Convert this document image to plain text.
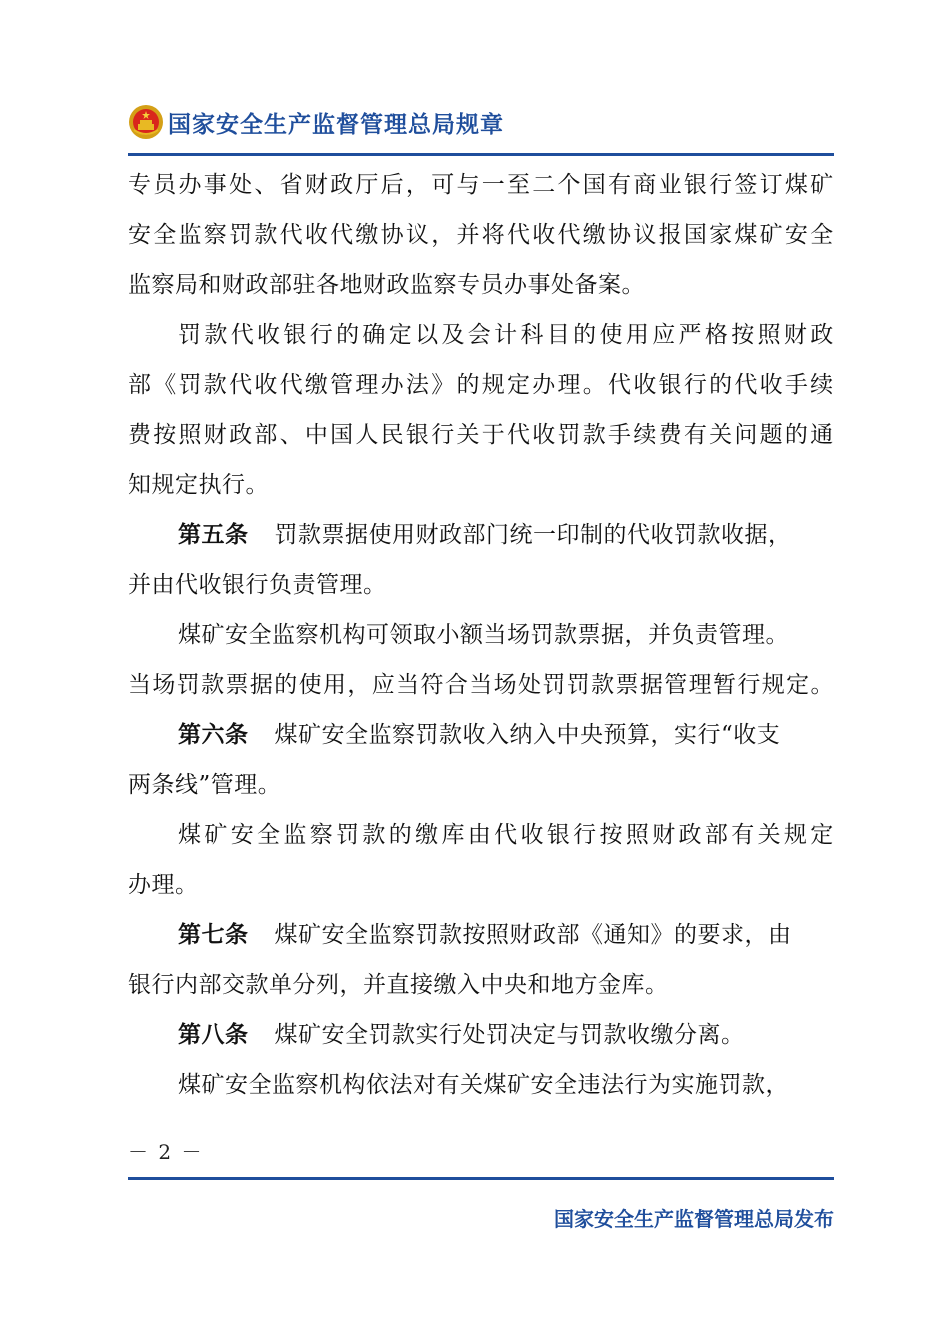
国家安全生产监督管理总局规章
专 员 办 事 处 、 省 财 政 厅 后 ， 可 与 一 至 二 个 国 有 商 业 银 行 签 订 煤 矿
安 全 监 察 罚 款 代 收 代 缴 协 议 ， 并 将 代 收 代 缴 协 议 报 国 家 煤 矿 安 全
监察局和财政部驻各地财政监察专员办事处备案。
罚 款 代 收 银 行 的 确 定 以 及 会 计 科 目 的 使 用 应 严 格 按 照 财 政
部 《 罚 款 代 收 代 缴 管 理 办 法 》 的 规 定 办 理 。 代 收 银 行 的 代 收 手 续
费 按 照 财 政 部 、 中 国 人 民 银 行 关 于 代 收 罚 款 手 续 费 有 关 问 题 的 通
知规定执行。
第五条 罚款票据使用财政部门统一印制的代收罚款收据，
并由代收银行负责管理。
煤矿安全监察机构可领取小额当场罚款票据，并负责管理。
当 场 罚 款 票 据 的 使 用 ， 应 当 符 合 当 场 处 罚 罚 款 票 据 管 理 暂 行 规 定 。
第六条 煤矿安全监察罚款收入纳入中央预算，实行“收支
两条线”管理。
煤 矿 安 全 监 察 罚 款 的 缴 库 由 代 收 银 行 按 照 财 政 部 有 关 规 定
办理。
第七条 煤矿安全监察罚款按照财政部《通知》的要求，由
银行内部交款单分列，并直接缴入中央和地方金库。
第八条 煤矿安全罚款实行处罚决定与罚款收缴分离。
煤矿安全监察机构依法对有关煤矿安全违法行为实施罚款，
－ 2 －
国家安全生产监督管理总局发布
